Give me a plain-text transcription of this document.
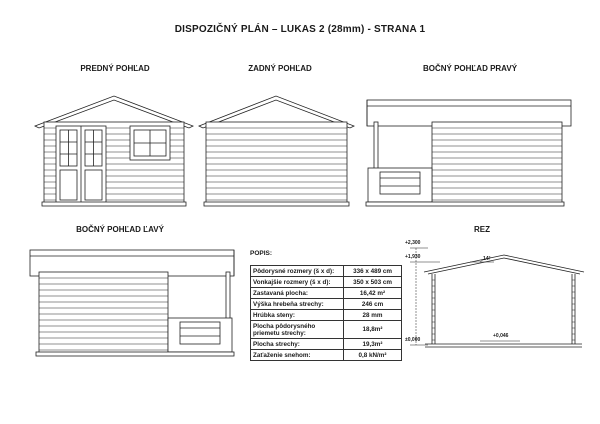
DISPOZIČNÝ PLÁN – LUKAS 2 (28mm) - STRANA 1
PREDNÝ POHĽAD	ZADNÝ POHĽAD	BOČNÝ POHĽAD PRAVÝ
BOČNÝ POHĽAD ĽAVÝ	REZ
+2,300
+1,930
±0,000
+0,046
14°
POPIS:
Pôdorysné rozmery (š x d):	336 x 489 cm
Vonkajšie rozmery (š x d):	350 x 503 cm
Zastavaná plocha:	16,42 m²
Výška hrebeňa strechy:	246 cm
Hrúbka steny:	28 mm
Plocha pôdorysného priemetu strechy:	18,8m²
Plocha strechy:	19,3m²
Zaťaženie snehom:	0,8 kN/m²
